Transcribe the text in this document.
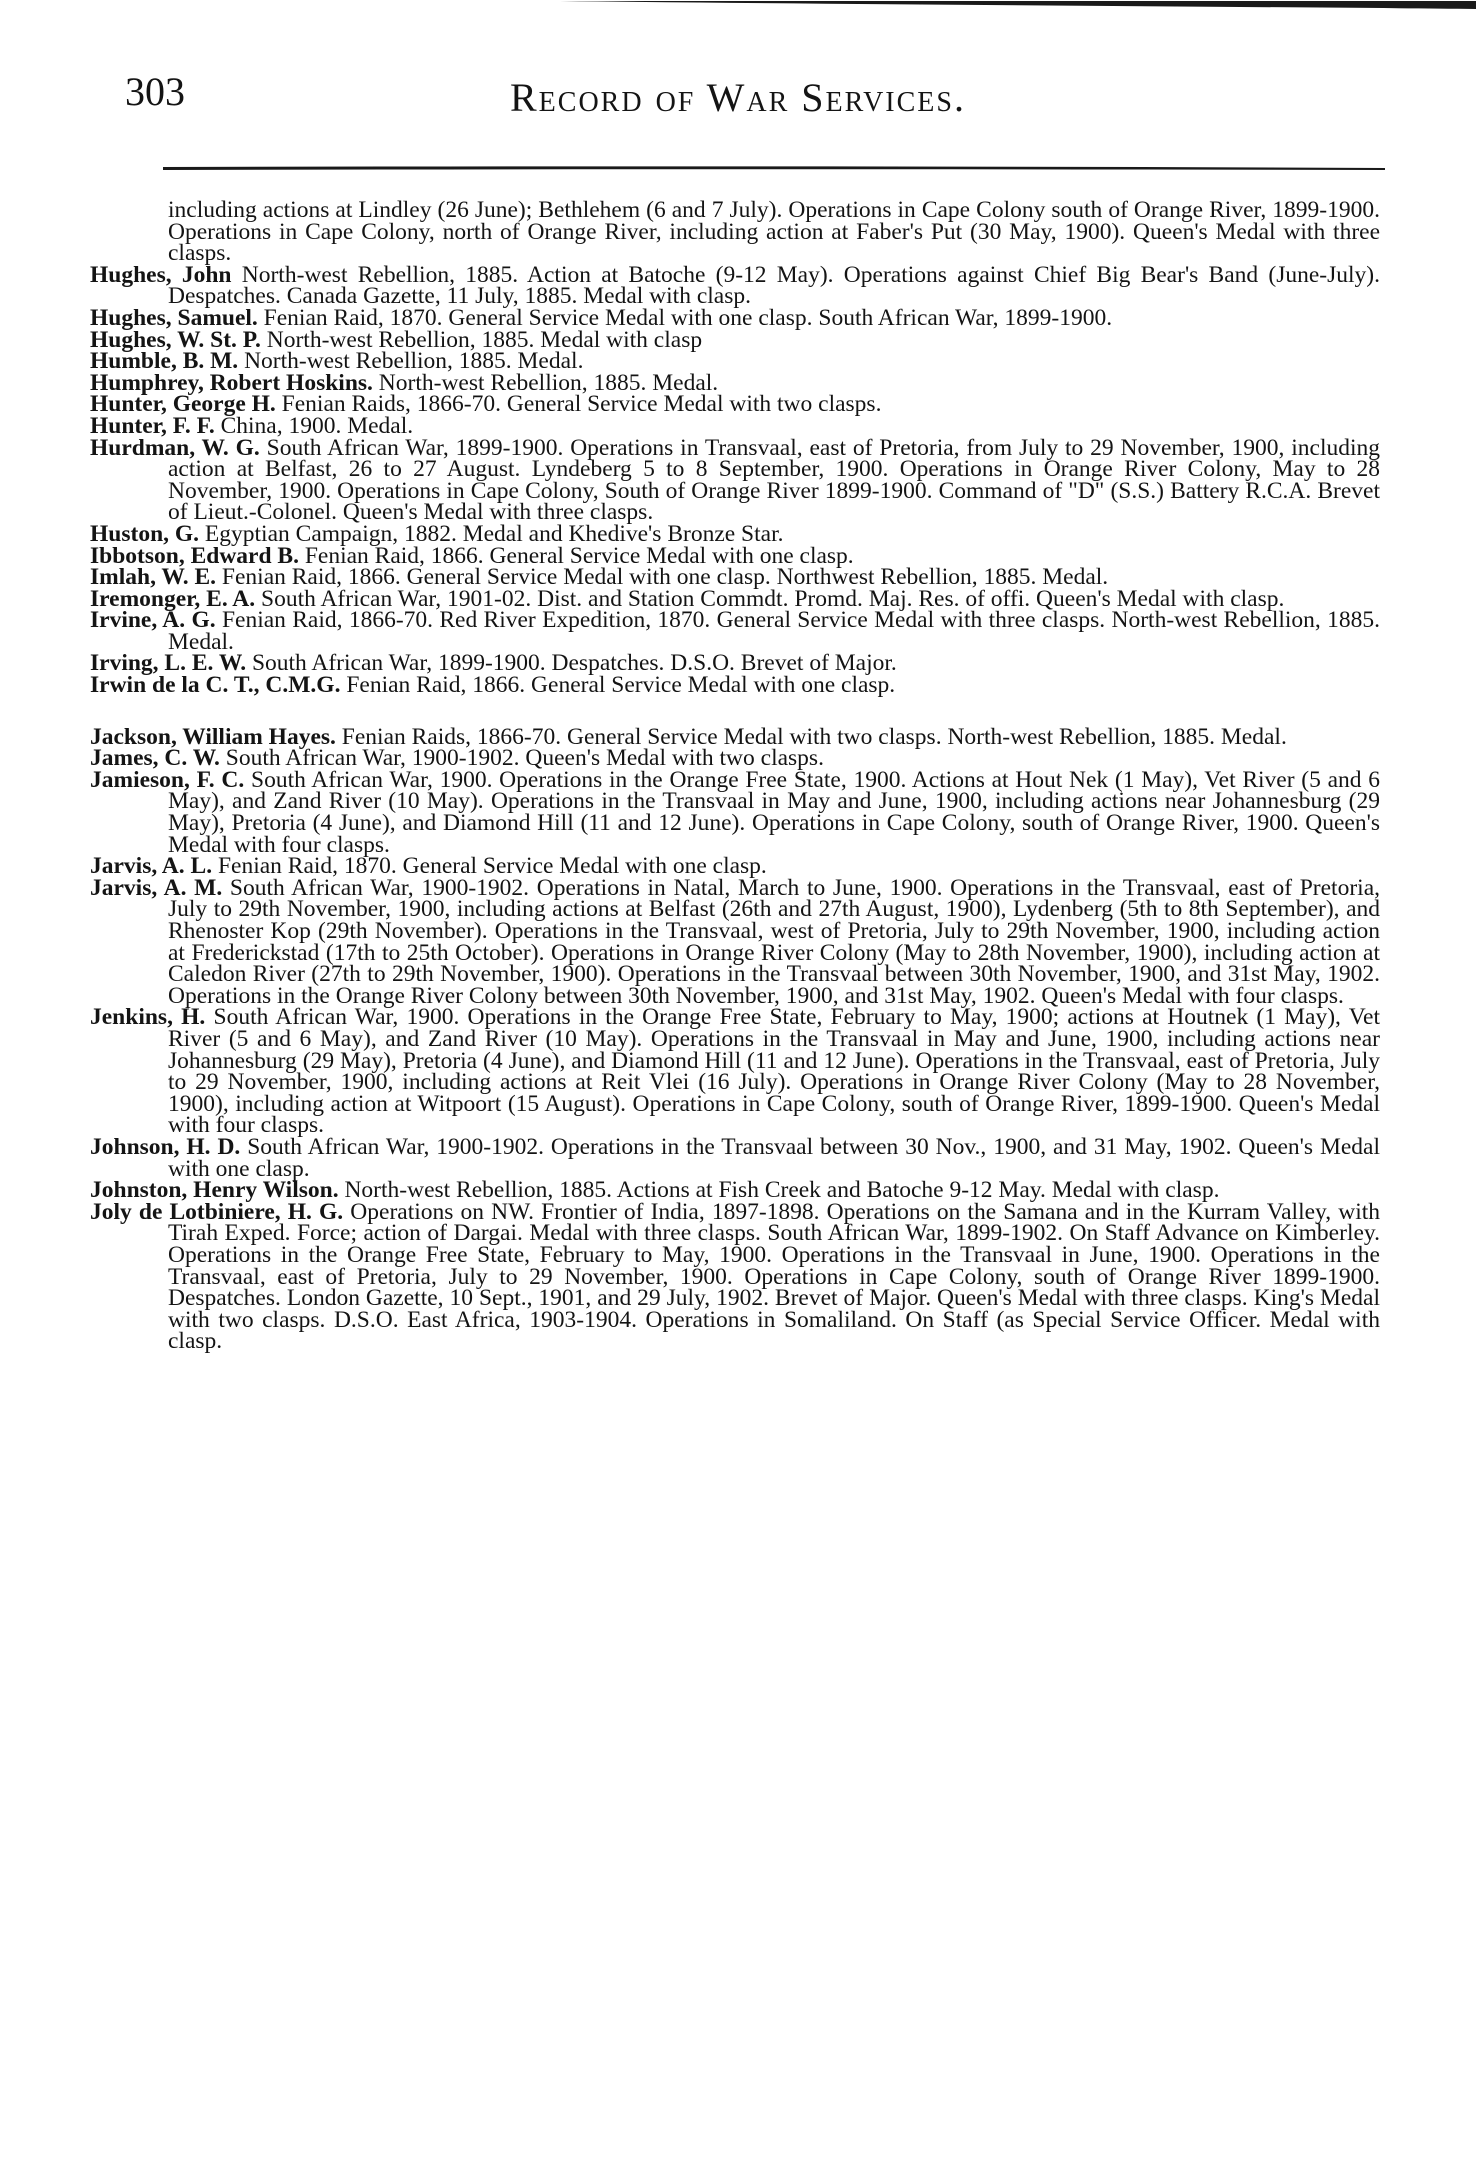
303	Record of War Services.

including actions at Lindley (26 June); Bethlehem (6 and 7 July). Operations in Cape Colony south of Orange River, 1899-1900. Operations in Cape Colony, north of Orange River, including action at Faber's Put (30 May, 1900). Queen's Medal with three clasps.

Hughes, John North-west Rebellion, 1885. Action at Batoche (9-12 May). Operations against Chief Big Bear's Band (June-July). Despatches. Canada Gazette, 11 July, 1885. Medal with clasp.

Hughes, Samuel. Fenian Raid, 1870. General Service Medal with one clasp. South African War, 1899-1900.

Hughes, W. St. P. North-west Rebellion, 1885. Medal with clasp

Humble, B. M. North-west Rebellion, 1885. Medal.

Humphrey, Robert Hoskins. North-west Rebellion, 1885. Medal.

Hunter, George H. Fenian Raids, 1866-70. General Service Medal with two clasps.

Hunter, F. F. China, 1900. Medal.

Hurdman, W. G. South African War, 1899-1900. Operations in Transvaal, east of Pretoria, from July to 29 November, 1900, including action at Belfast, 26 to 27 August. Lyndeberg 5 to 8 September, 1900. Operations in Orange River Colony, May to 28 November, 1900. Operations in Cape Colony, South of Orange River 1899-1900. Command of "D" (S.S.) Battery R.C.A. Brevet of Lieut.-Colonel. Queen's Medal with three clasps.

Huston, G. Egyptian Campaign, 1882. Medal and Khedive's Bronze Star.

Ibbotson, Edward B. Fenian Raid, 1866. General Service Medal with one clasp.

Imlah, W. E. Fenian Raid, 1866. General Service Medal with one clasp. Northwest Rebellion, 1885. Medal.

Iremonger, E. A. South African War, 1901-02. Dist. and Station Commdt. Promd. Maj. Res. of offi. Queen's Medal with clasp.

Irvine, A. G. Fenian Raid, 1866-70. Red River Expedition, 1870. General Service Medal with three clasps. North-west Rebellion, 1885. Medal.

Irving, L. E. W. South African War, 1899-1900. Despatches. D.S.O. Brevet of Major.

Irwin de la C. T., C.M.G. Fenian Raid, 1866. General Service Medal with one clasp.

Jackson, William Hayes. Fenian Raids, 1866-70. General Service Medal with two clasps. North-west Rebellion, 1885. Medal.

James, C. W. South African War, 1900-1902. Queen's Medal with two clasps.

Jamieson, F. C. South African War, 1900. Operations in the Orange Free State, 1900. Actions at Hout Nek (1 May), Vet River (5 and 6 May), and Zand River (10 May). Operations in the Transvaal in May and June, 1900, including actions near Johannesburg (29 May), Pretoria (4 June), and Diamond Hill (11 and 12 June). Operations in Cape Colony, south of Orange River, 1900. Queen's Medal with four clasps.

Jarvis, A. L. Fenian Raid, 1870. General Service Medal with one clasp.

Jarvis, A. M. South African War, 1900-1902. Operations in Natal, March to June, 1900. Operations in the Transvaal, east of Pretoria, July to 29th November, 1900, including actions at Belfast (26th and 27th August, 1900), Lydenberg (5th to 8th September), and Rhenoster Kop (29th November). Operations in the Transvaal, west of Pretoria, July to 29th November, 1900, including action at Frederickstad (17th to 25th October). Operations in Orange River Colony (May to 28th November, 1900), including action at Caledon River (27th to 29th November, 1900). Operations in the Transvaal between 30th November, 1900, and 31st May, 1902. Operations in the Orange River Colony between 30th November, 1900, and 31st May, 1902. Queen's Medal with four clasps.

Jenkins, H. South African War, 1900. Operations in the Orange Free State, February to May, 1900; actions at Houtnek (1 May), Vet River (5 and 6 May), and Zand River (10 May). Operations in the Transvaal in May and June, 1900, including actions near Johannesburg (29 May), Pretoria (4 June), and Diamond Hill (11 and 12 June). Operations in the Transvaal, east of Pretoria, July to 29 November, 1900, including actions at Reit Vlei (16 July). Operations in Orange River Colony (May to 28 November, 1900), including action at Witpoort (15 August). Operations in Cape Colony, south of Orange River, 1899-1900. Queen's Medal with four clasps.

Johnson, H. D. South African War, 1900-1902. Operations in the Transvaal between 30 Nov., 1900, and 31 May, 1902. Queen's Medal with one clasp.

Johnston, Henry Wilson. North-west Rebellion, 1885. Actions at Fish Creek and Batoche 9-12 May. Medal with clasp.

Joly de Lotbiniere, H. G. Operations on NW. Frontier of India, 1897-1898. Operations on the Samana and in the Kurram Valley, with Tirah Exped. Force; action of Dargai. Medal with three clasps. South African War, 1899-1902. On Staff Advance on Kimberley. Operations in the Orange Free State, February to May, 1900. Operations in the Transvaal in June, 1900. Operations in the Transvaal, east of Pretoria, July to 29 November, 1900. Operations in Cape Colony, south of Orange River 1899-1900. Despatches. London Gazette, 10 Sept., 1901, and 29 July, 1902. Brevet of Major. Queen's Medal with three clasps. King's Medal with two clasps. D.S.O. East Africa, 1903-1904. Operations in Somaliland. On Staff (as Special Service Officer. Medal with clasp.
